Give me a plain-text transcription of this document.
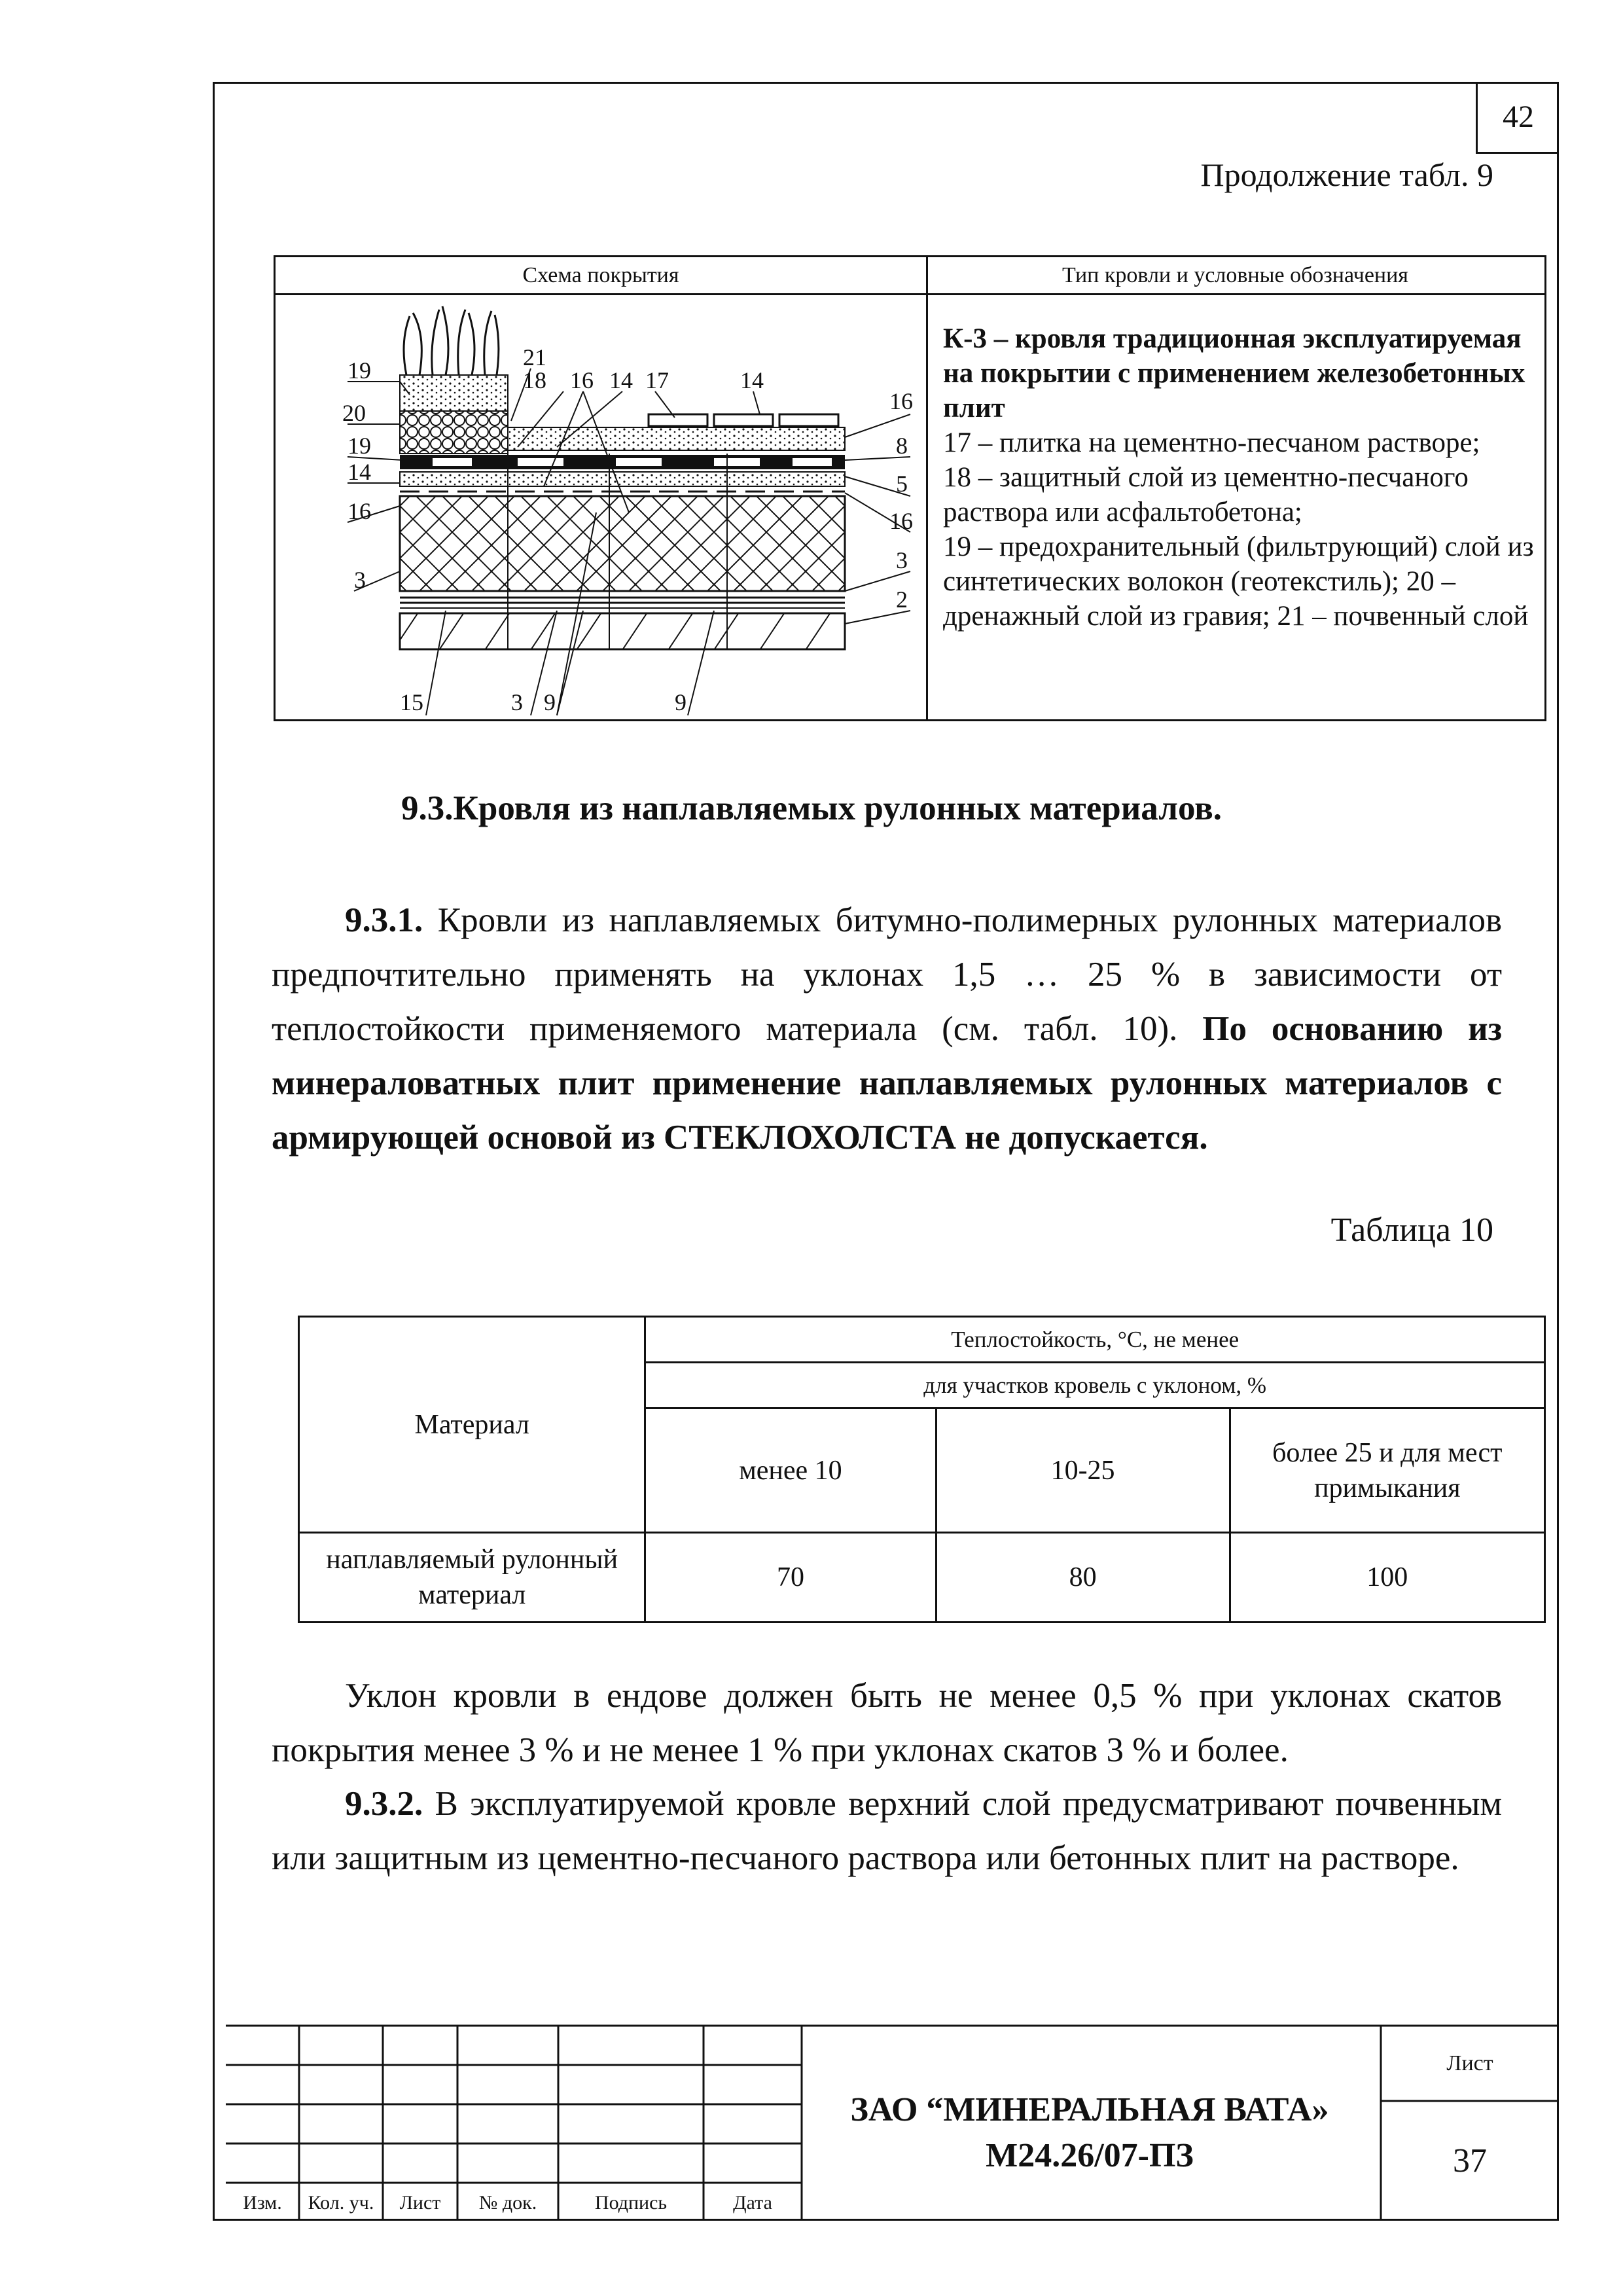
42
Продолжение табл. 9
Схема покрытия	Тип кровли и условные обозначения
19
20
19
14
16
3
21
18 16 14 17	14
16
8
5
16
3
2
15	3 9	9
К-3 – кровля традиционная эксплуатируемая на покрытии с применением железобетонных плит
17 – плитка на цементно-песчаном растворе;
18 – защитный слой из цементно-песчаного раствора или асфальтобетона;
19 – предохранительный (фильтрующий) слой из синтетических волокон (геотекстиль); 20 – дренажный слой из гравия; 21 – почвенный слой
9.3.Кровля из наплавляемых рулонных материалов.
9.3.1. Кровли из наплавляемых битумно-полимерных рулонных материалов предпочтительно применять на уклонах 1,5 … 25 % в зависимости от теплостойкости применяемого материала (см. табл. 10). По основанию из минераловатных плит применение наплавляемых рулонных материалов с армирующей основой из СТЕКЛОХОЛСТА не допускается.
Таблица 10
Материал	Теплостойкость, °С, не менее		
	для участков кровель с уклоном, %		
	менее 10	10-25	более 25 и для мест примыкания
наплавляемый рулонный материал	70	80	100
Уклон кровли в ендове должен быть не менее 0,5 % при уклонах скатов покрытия менее 3 % и не менее 1 % при уклонах скатов 3 % и более.
9.3.2. В эксплуатируемой кровле верхний слой предусматривают почвенным или защитным из цементно-песчаного раствора или бетонных плит на растворе.
Изм.	Кол. уч.	Лист	№ док.	Подпись	Дата
ЗАО “МИНЕРАЛЬНАЯ ВАТА»
М24.26/07-ПЗ
Лист
37
